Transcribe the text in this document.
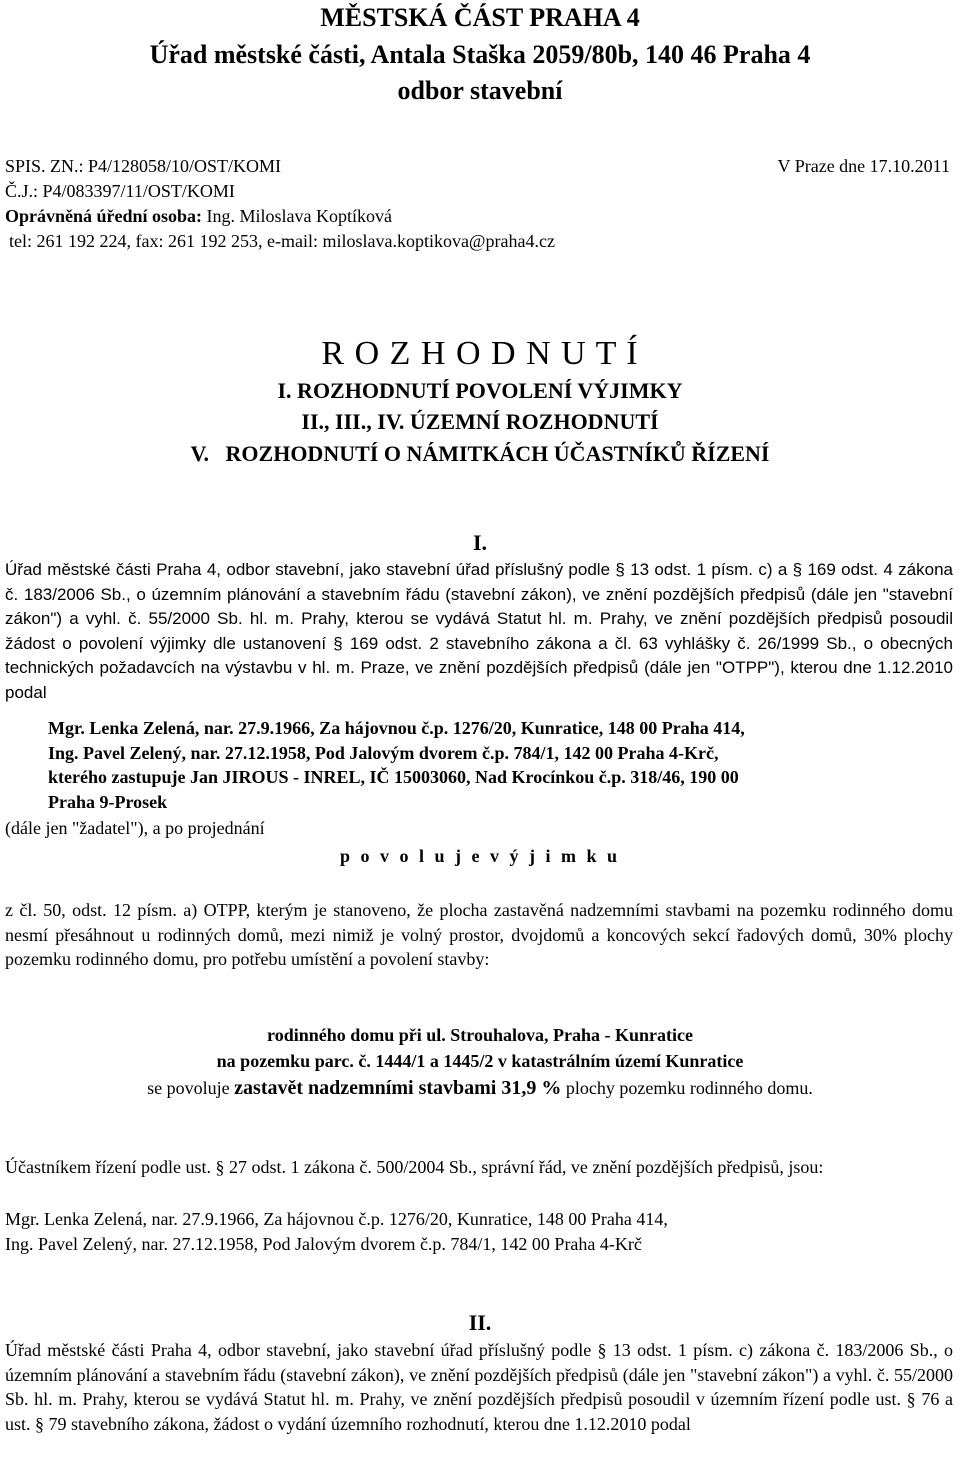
MĚSTSKÁ ČÁST PRAHA 4

Úřad městské části, Antala Staška 2059/80b, 140 46 Praha 4

odbor stavební

SPIS. ZN.: P4/128058/10/OST/KOMI	V Praze dne 17.10.2011

Č.J.: P4/083397/11/OST/KOMI

Oprávněná úřední osoba: Ing. Miloslava Koptíková

tel: 261 192 224, fax: 261 192 253, e-mail: miloslava.koptikova@praha4.cz

R O Z H O D N U T Í

I. ROZHODNUTÍ POVOLENÍ VÝJIMKY

II., III., IV. ÚZEMNÍ ROZHODNUTÍ

V.   ROZHODNUTÍ O NÁMITKÁCH ÚČASTNÍKŮ ŘÍZENÍ

I.

Úřad městské části Praha 4, odbor stavební, jako stavební úřad příslušný podle § 13 odst. 1 písm. c) a § 169 odst. 4 zákona č. 183/2006 Sb., o územním plánování a stavebním řádu (stavební zákon), ve znění pozdějších předpisů (dále jen "stavební zákon") a vyhl. č. 55/2000 Sb. hl. m. Prahy, kterou se vydává Statut hl. m. Prahy, ve znění pozdějších předpisů posoudil žádost o povolení výjimky dle ustanovení § 169 odst. 2 stavebního zákona a čl. 63 vyhlášky č. 26/1999 Sb., o obecných technických požadavcích na výstavbu v hl. m. Praze, ve znění pozdějších předpisů (dále jen "OTPP"), kterou dne 1.12.2010 podal

Mgr. Lenka Zelená, nar. 27.9.1966, Za hájovnou č.p. 1276/20, Kunratice, 148 00 Praha 414,
Ing. Pavel Zelený, nar. 27.12.1958, Pod Jalovým dvorem č.p. 784/1, 142 00 Praha 4-Krč,
kterého zastupuje Jan JIROUS - INREL, IČ 15003060, Nad Krocínkou č.p. 318/46, 190 00
Praha 9-Prosek

(dále jen "žadatel"), a po projednání

p o v o l u j e v ý j i m k u

z čl. 50, odst. 12 písm. a) OTPP, kterým je stanoveno, že plocha zastavěná nadzemními stavbami na pozemku rodinného domu nesmí přesáhnout u rodinných domů, mezi nimiž je volný prostor, dvojdomů a koncových sekcí řadových domů, 30% plochy pozemku rodinného domu, pro potřebu umístění a povolení stavby:

rodinného domu při ul. Strouhalova, Praha - Kunratice

na pozemku parc. č. 1444/1 a 1445/2 v katastrálním území Kunratice

se povoluje zastavět nadzemními stavbami 31,9 % plochy pozemku rodinného domu.

Účastníkem řízení podle ust. § 27 odst. 1 zákona č. 500/2004 Sb., správní řád, ve znění pozdějších předpisů, jsou:

Mgr. Lenka Zelená, nar. 27.9.1966, Za hájovnou č.p. 1276/20, Kunratice, 148 00 Praha 414,

Ing. Pavel Zelený, nar. 27.12.1958, Pod Jalovým dvorem č.p. 784/1, 142 00 Praha 4-Krč

II.

Úřad městské části Praha 4, odbor stavební, jako stavební úřad příslušný podle § 13 odst. 1 písm. c) zákona č. 183/2006 Sb., o územním plánování a stavebním řádu (stavební zákon), ve znění pozdějších předpisů (dále jen "stavební zákon") a vyhl. č. 55/2000 Sb. hl. m. Prahy, kterou se vydává Statut hl. m. Prahy, ve znění pozdějších předpisů posoudil v územním řízení podle ust. § 76 a ust. § 79 stavebního zákona, žádost o vydání územního rozhodnutí, kterou dne 1.12.2010 podal
